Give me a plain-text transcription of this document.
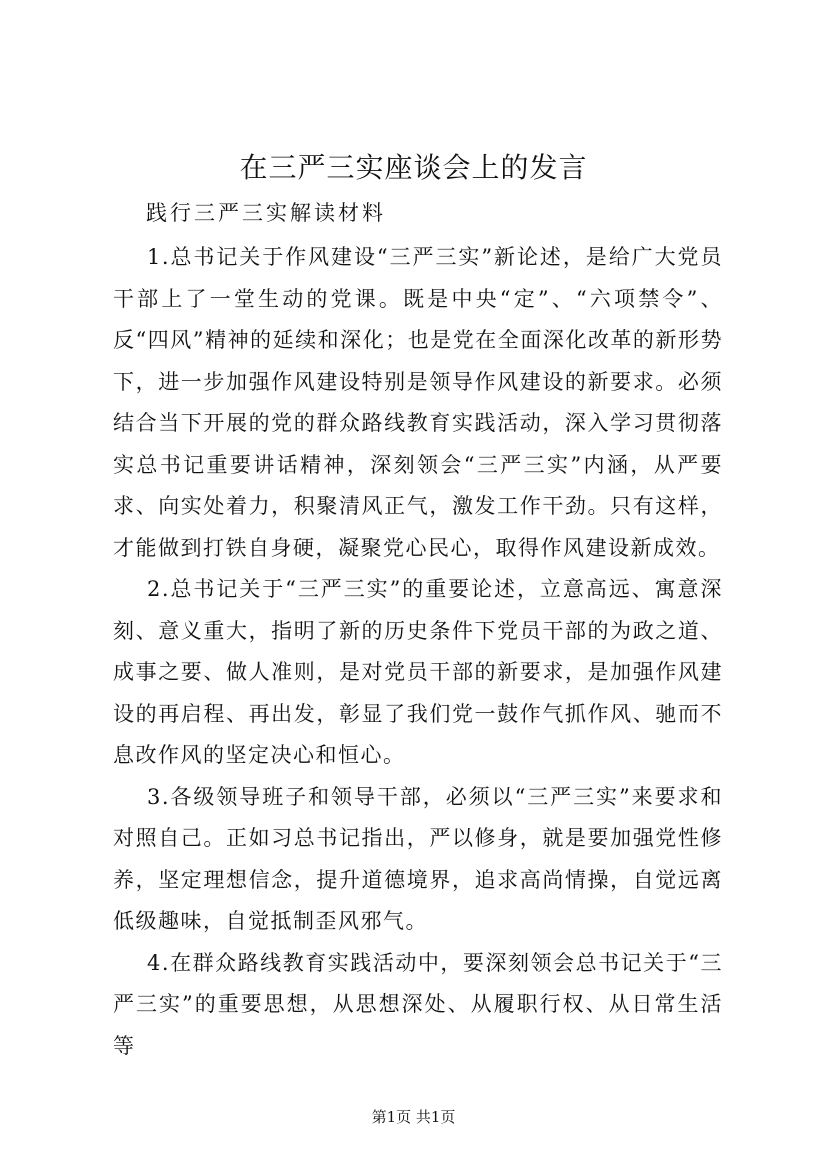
在三严三实座谈会上的发言

践行三严三实解读材料

1.总书记关于作风建设“三严三实”新论述，是给广大党员干部上了一堂生动的党课。既是中央“定”、“六项禁令”、反“四风”精神的延续和深化；也是党在全面深化改革的新形势下，进一步加强作风建设特别是领导作风建设的新要求。必须结合当下开展的党的群众路线教育实践活动，深入学习贯彻落实总书记重要讲话精神，深刻领会“三严三实”内涵，从严要求、向实处着力，积聚清风正气，激发工作干劲。只有这样，才能做到打铁自身硬，凝聚党心民心，取得作风建设新成效。

2.总书记关于“三严三实”的重要论述，立意高远、寓意深刻、意义重大，指明了新的历史条件下党员干部的为政之道、成事之要、做人准则，是对党员干部的新要求，是加强作风建设的再启程、再出发，彰显了我们党一鼓作气抓作风、驰而不息改作风的坚定决心和恒心。

3.各级领导班子和领导干部，必须以“三严三实”来要求和对照自己。正如习总书记指出，严以修身，就是要加强党性修养，坚定理想信念，提升道德境界，追求高尚情操，自觉远离低级趣味，自觉抵制歪风邪气。

4.在群众路线教育实践活动中，要深刻领会总书记关于“三严三实”的重要思想，从思想深处、从履职行权、从日常生活等

第1页 共1页
